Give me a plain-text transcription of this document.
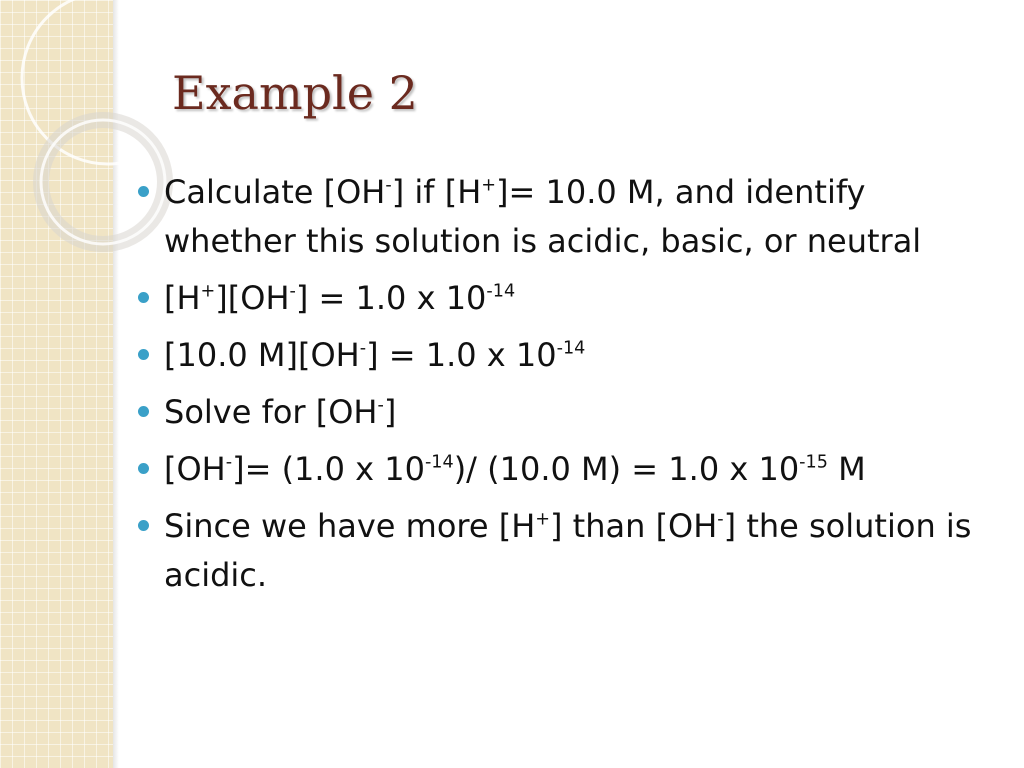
Example 2
Calculate [OH-] if [H+]= 10.0 M, and identify whether this solution is acidic, basic, or neutral
[H+][OH-] = 1.0 x $10^{-14}$
[10.0 M][OH-] = 1.0 x $10^{-14}$
Solve for [OH-]
[OH-]= (1.0 x $10^{-14})/$ (10.0 M) = 1.0 x $10^{-15}$ M
Since we have more [H+] than [OH-] the solution is acidic.
